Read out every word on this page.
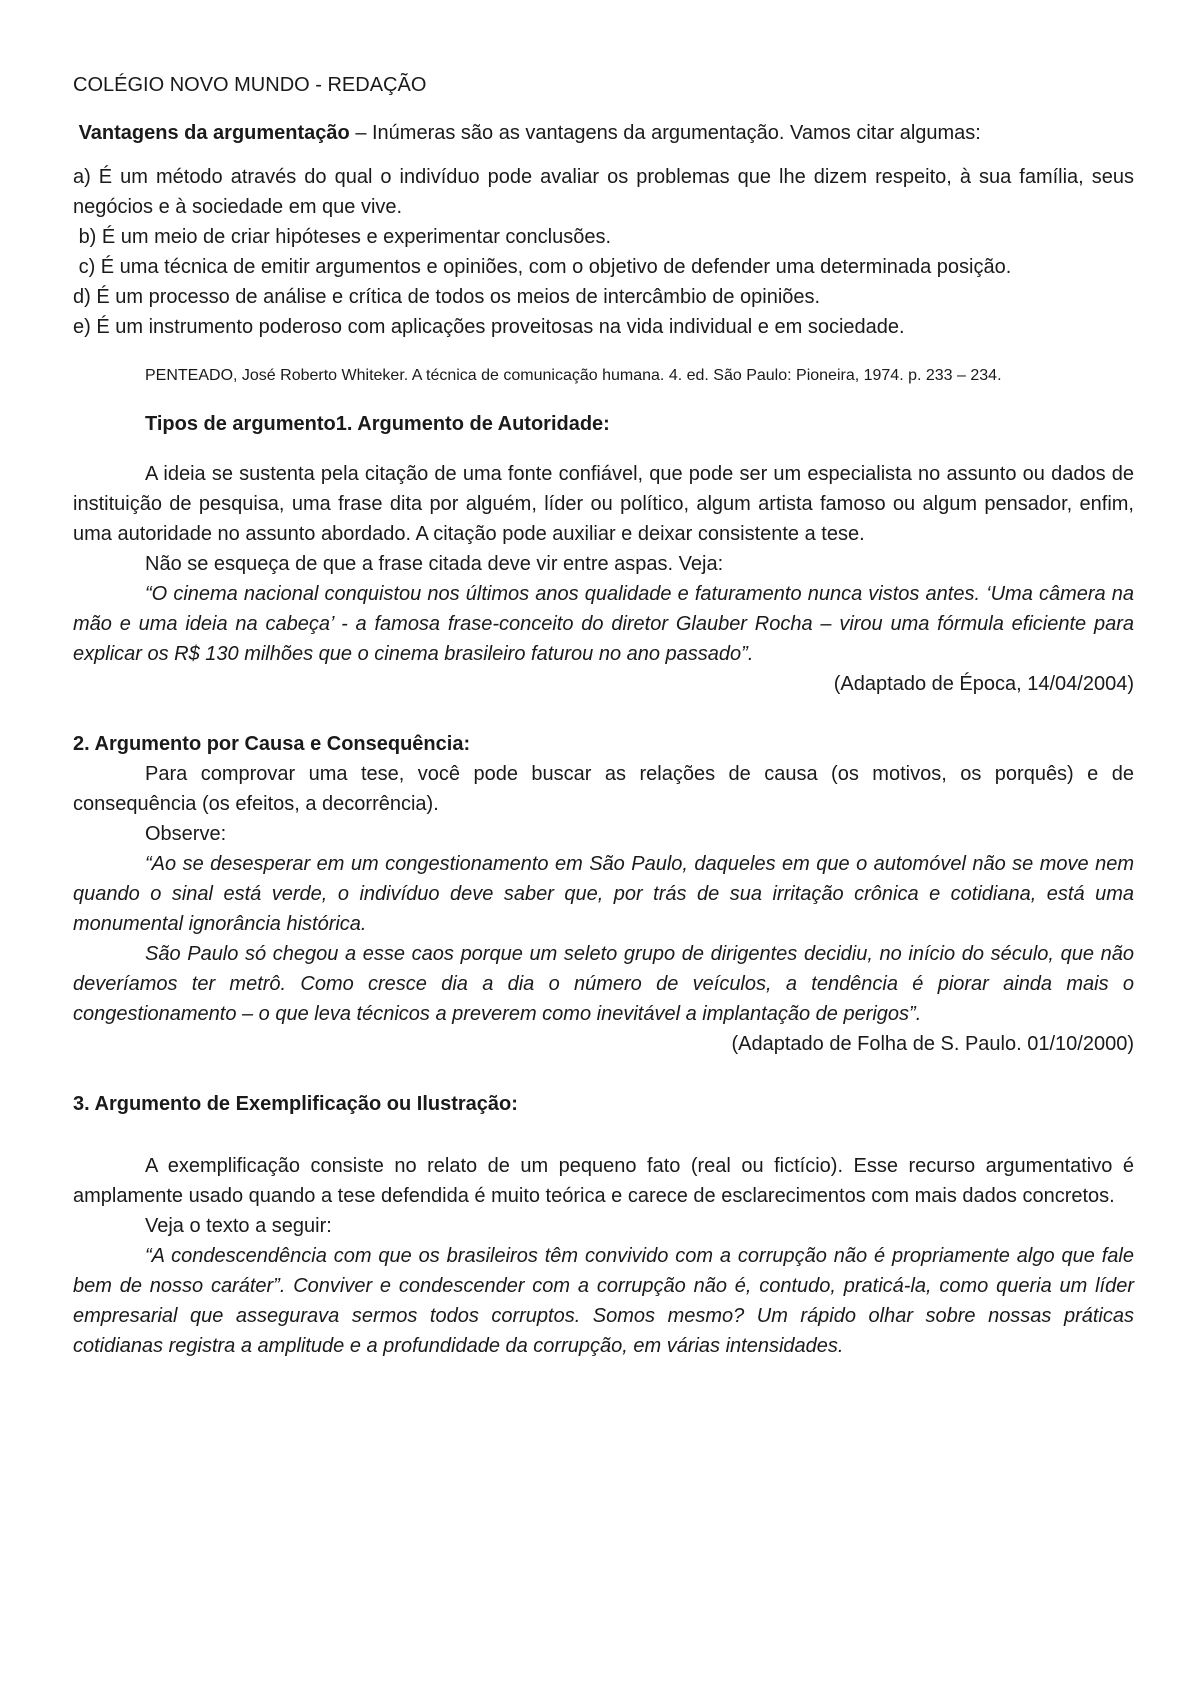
COLÉGIO NOVO MUNDO - REDAÇÃO

Vantagens da argumentação – Inúmeras são as vantagens da argumentação. Vamos citar algumas:

a) É um método através do qual o indivíduo pode avaliar os problemas que lhe dizem respeito, à sua família, seus negócios e à sociedade em que vive.

b) É um meio de criar hipóteses e experimentar conclusões.

c) É uma técnica de emitir argumentos e opiniões, com o objetivo de defender uma determinada posição.

d) É um processo de análise e crítica de todos os meios de intercâmbio de opiniões.

e) É um instrumento poderoso com aplicações proveitosas na vida individual e em sociedade.

PENTEADO, José Roberto Whiteker. A técnica de comunicação humana. 4. ed. São Paulo: Pioneira, 1974. p. 233 – 234.

Tipos de argumento1. Argumento de Autoridade:

A ideia se sustenta pela citação de uma fonte confiável, que pode ser um especialista no assunto ou dados de instituição de pesquisa, uma frase dita por alguém, líder ou político, algum artista famoso ou algum pensador, enfim, uma autoridade no assunto abordado. A citação pode auxiliar e deixar consistente a tese.

Não se esqueça de que a frase citada deve vir entre aspas. Veja:

“O cinema nacional conquistou nos últimos anos qualidade e faturamento nunca vistos antes. ‘Uma câmera na mão e uma ideia na cabeça’ - a famosa frase-conceito do diretor Glauber Rocha – virou uma fórmula eficiente para explicar os R$ 130 milhões que o cinema brasileiro faturou no ano passado”.

(Adaptado de Época, 14/04/2004)

2. Argumento por Causa e Consequência:

Para comprovar uma tese, você pode buscar as relações de causa (os motivos, os porquês) e de consequência (os efeitos, a decorrência).

Observe:

“Ao se desesperar em um congestionamento em São Paulo, daqueles em que o automóvel não se move nem quando o sinal está verde, o indivíduo deve saber que, por trás de sua irritação crônica e cotidiana, está uma monumental ignorância histórica.

São Paulo só chegou a esse caos porque um seleto grupo de dirigentes decidiu, no início do século, que não deveríamos ter metrô. Como cresce dia a dia o número de veículos, a tendência é piorar ainda mais o congestionamento – o que leva técnicos a preverem como inevitável a implantação de perigos”.

(Adaptado de Folha de S. Paulo. 01/10/2000)

3. Argumento de Exemplificação ou Ilustração:

A exemplificação consiste no relato de um pequeno fato (real ou fictício). Esse recurso argumentativo é amplamente usado quando a tese defendida é muito teórica e carece de esclarecimentos com mais dados concretos.

Veja o texto a seguir:

“A condescendência com que os brasileiros têm convivido com a corrupção não é propriamente algo que fale bem de nosso caráter”. Conviver e condescender com a corrupção não é, contudo, praticá-la, como queria um líder empresarial que assegurava sermos todos corruptos. Somos mesmo? Um rápido olhar sobre nossas práticas cotidianas registra a amplitude e a profundidade da corrupção, em várias intensidades.
